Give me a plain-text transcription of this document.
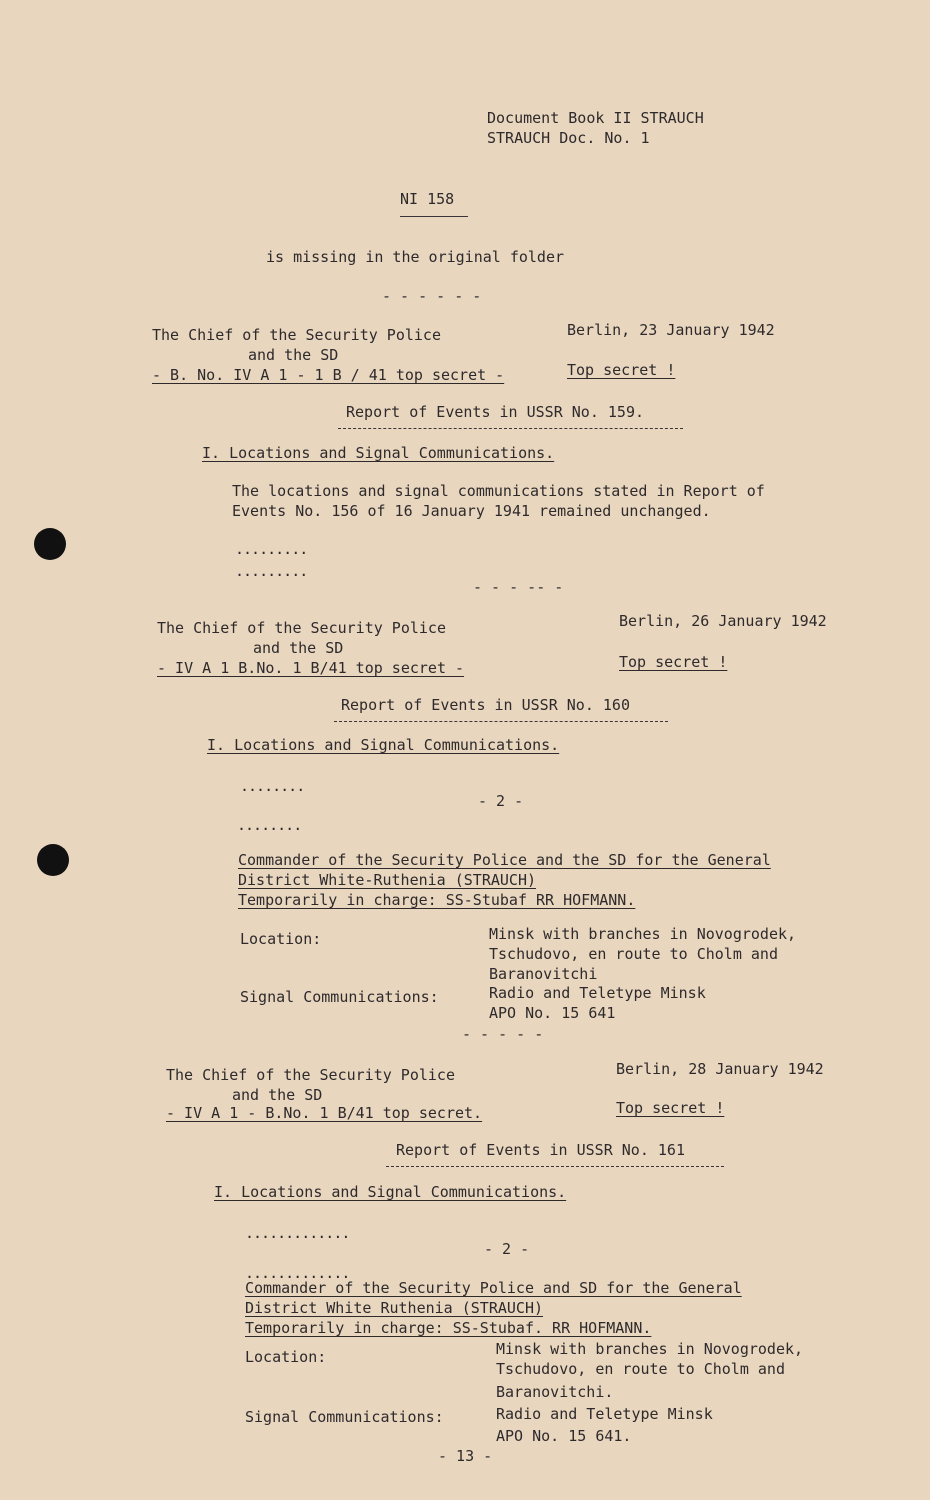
Document Book II STRAUCH
STRAUCH Doc. No. 1
NI 158
is missing in the original folder
- - - - - -
The Chief of the Security Police
and the SD
- B. No. IV A 1 - 1 B / 41 top secret -
Berlin, 23 January 1942
Top secret !
Report of Events in USSR No. 159.
I. Locations and Signal Communications.
The locations and signal communications stated in Report of
Events No. 156 of 16 January 1941 remained unchanged.
.........
.........
- - - -- -
The Chief of the Security Police
and the SD
- IV A 1 B.No. 1 B/41 top secret -
Berlin, 26 January 1942
Top secret !
Report of Events in USSR No. 160
I. Locations and Signal Communications.
........
- 2 -
........
Commander of the Security Police and the SD for the General
District White-Ruthenia (STRAUCH)
Temporarily in charge: SS-Stubaf RR HOFMANN.
Location:	Minsk with branches in Novogrodek,
Tschudovo, en route to Cholm and
Baranovitchi
Signal Communications:	Radio and Teletype Minsk
APO No. 15 641
- - - - -
The Chief of the Security Police
and the SD
- IV A 1 - B.No. 1 B/41 top secret.
Berlin, 28 January 1942
Top secret !
Report of Events in USSR No. 161
I. Locations and Signal Communications.
.............
- 2 -
.............
Commander of the Security Police and SD for the General
District White Ruthenia (STRAUCH)
Temporarily in charge: SS-Stubaf. RR HOFMANN.
Location:	Minsk with branches in Novogrodek,
Tschudovo, en route to Cholm and
Baranovitchi.
Signal Communications:	Radio and Teletype Minsk
APO No. 15 641.
- 13 -
